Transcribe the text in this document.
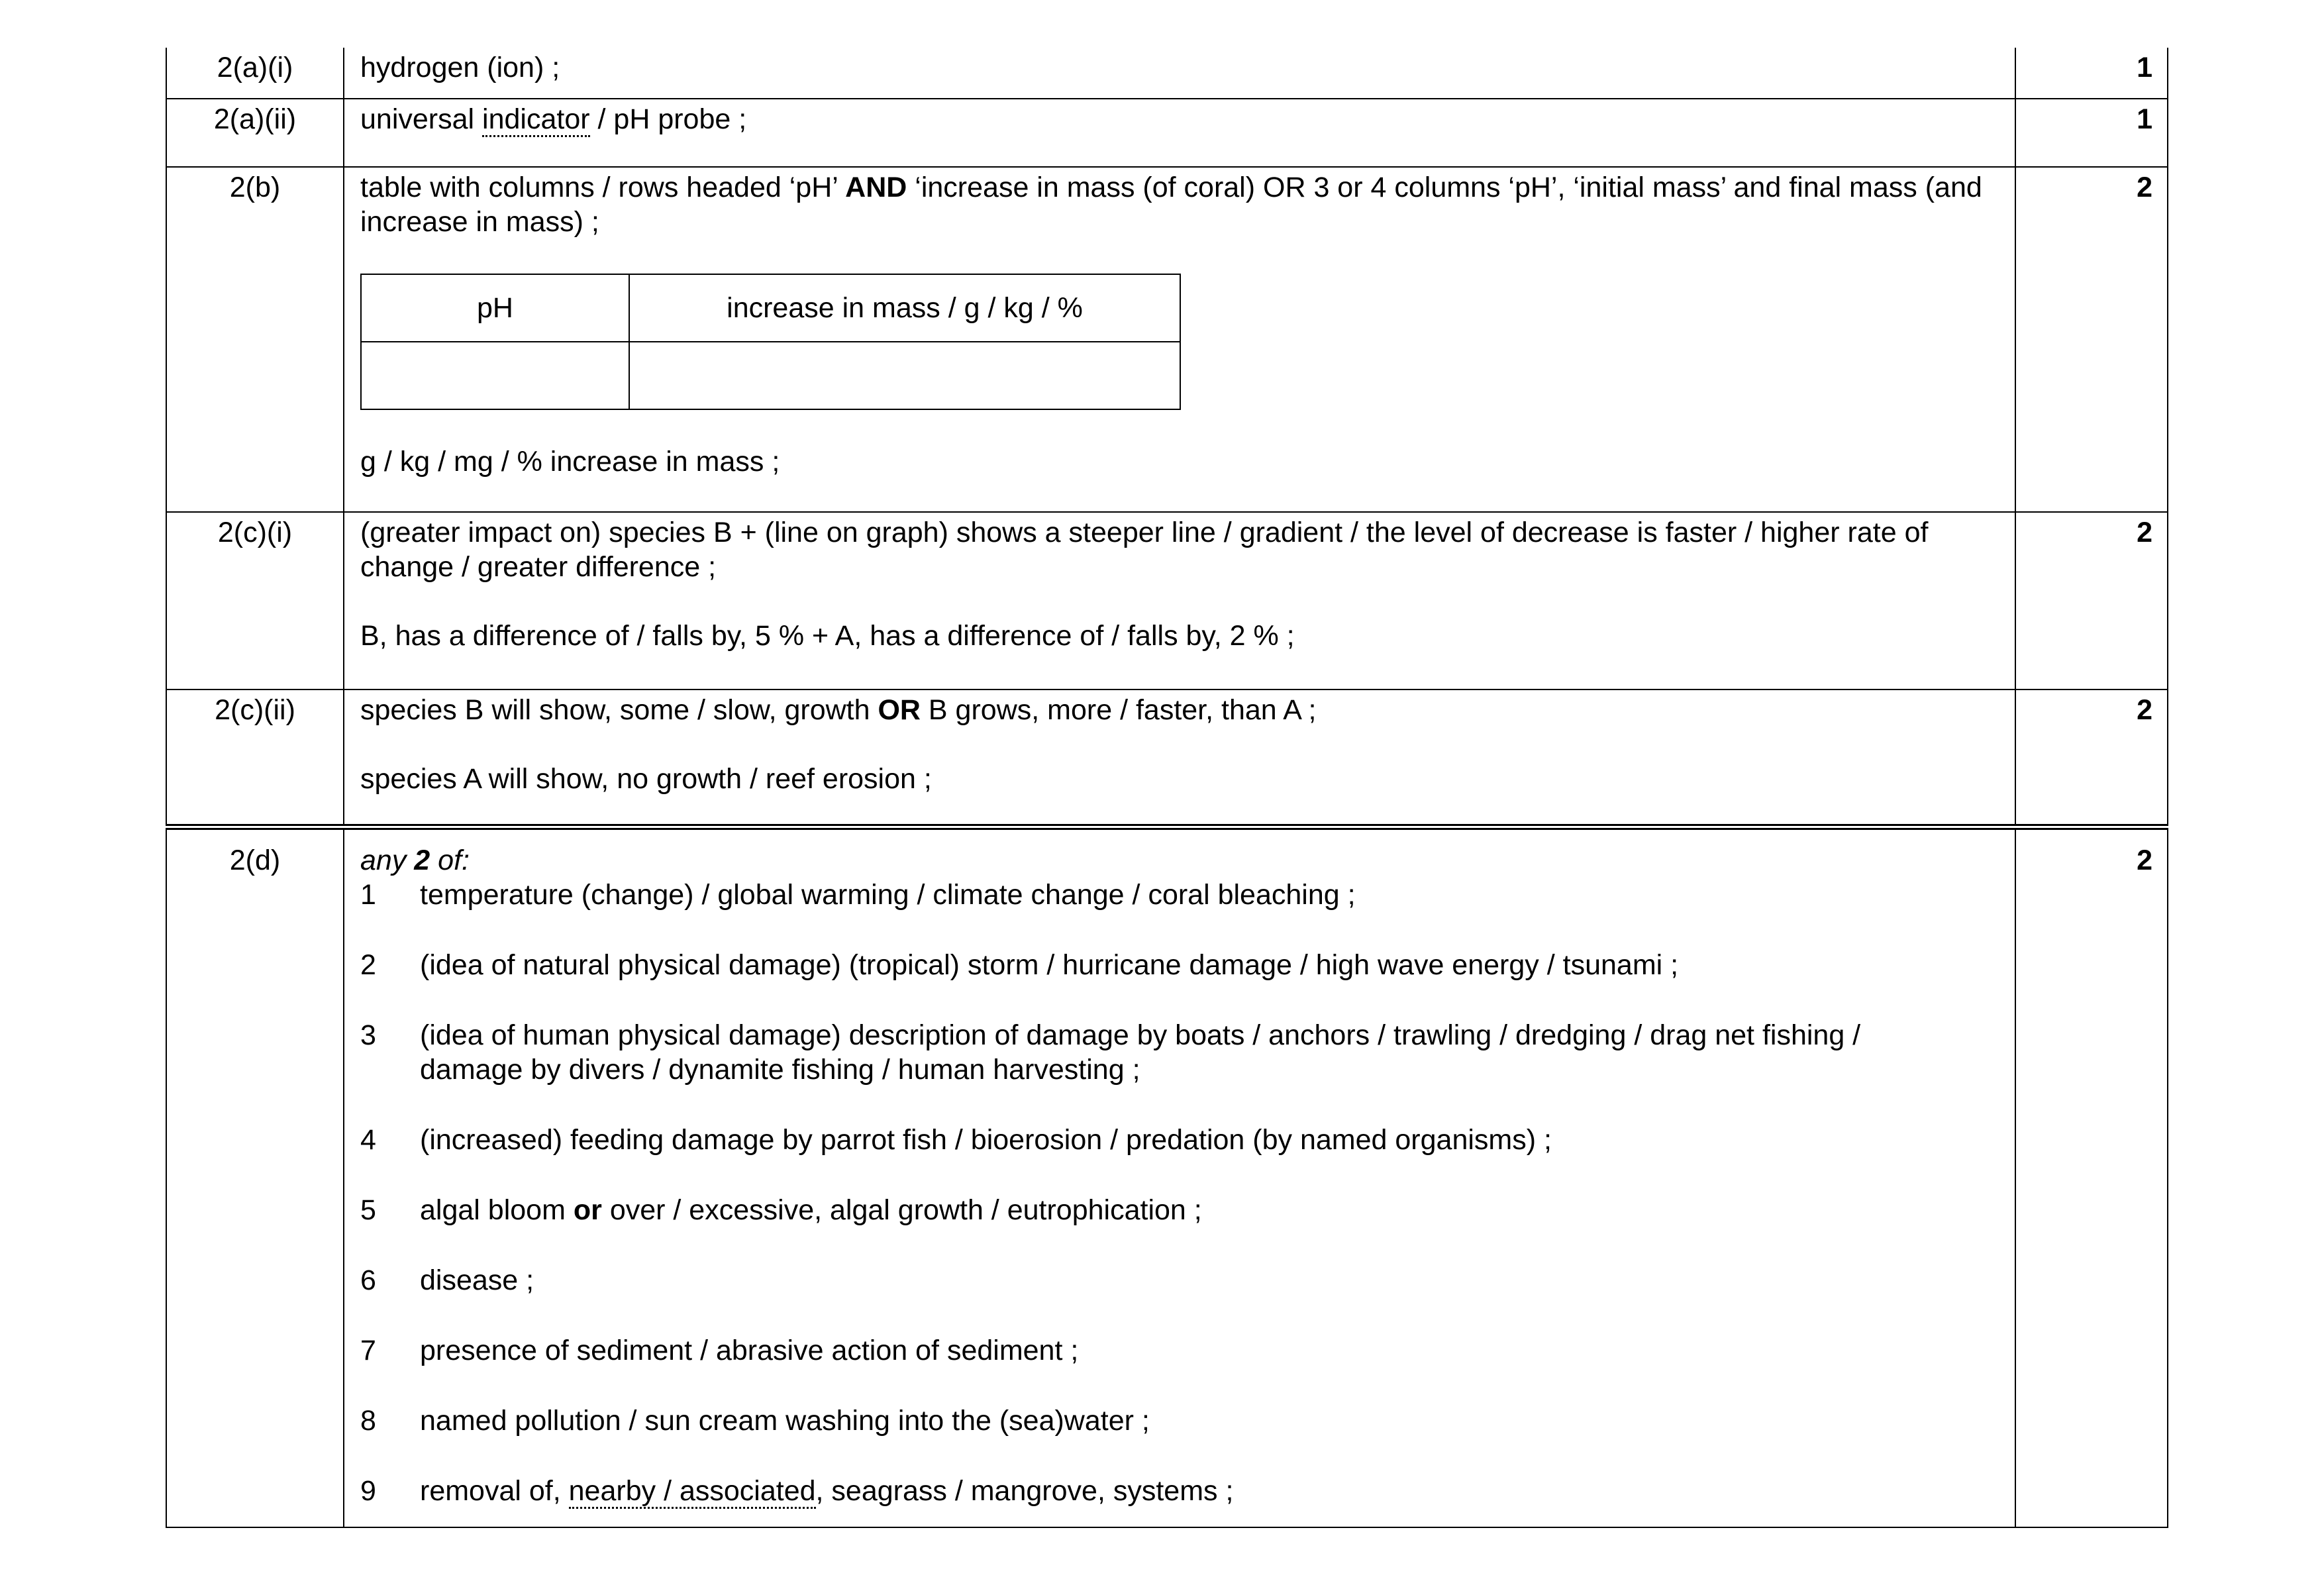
2(a)(i)	hydrogen (ion) ;	1
2(a)(ii)	universal indicator / pH probe ;	1
2(b)	table with columns / rows headed ‘pH’ AND ‘increase in mass (of coral) OR 3 or 4 columns ‘pH’, ‘initial mass’ and final mass (and increase in mass) ;
pH	increase in mass / g / kg / %

g / kg / mg / % increase in mass ;
	2
2(c)(i)	(greater impact on) species B + (line on graph) shows a steeper line / gradient / the level of decrease is faster / higher rate of change / greater difference ;
B, has a difference of / falls by, 5 % + A, has a difference of / falls by, 2 % ;
	2
2(c)(ii)	species B will show, some / slow, growth OR B grows, more / faster, than A ;
species A will show, no growth / reef erosion ;
	2
2(d)	any 2 of:
1	temperature (change) / global warming / climate change / coral bleaching ;
2	(idea of natural physical damage) (tropical) storm / hurricane damage / high wave energy / tsunami ;
3	(idea of human physical damage) description of damage by boats / anchors / trawling / dredging / drag net fishing / damage by divers / dynamite fishing / human harvesting ;
4	(increased) feeding damage by parrot fish / bioerosion / predation (by named organisms) ;
5	algal bloom or over / excessive, algal growth / eutrophication ;
6	disease ;
7	presence of sediment / abrasive action of sediment ;
8	named pollution / sun cream washing into the (sea)water ;
9	removal of, nearby / associated, seagrass / mangrove, systems ;
	2
